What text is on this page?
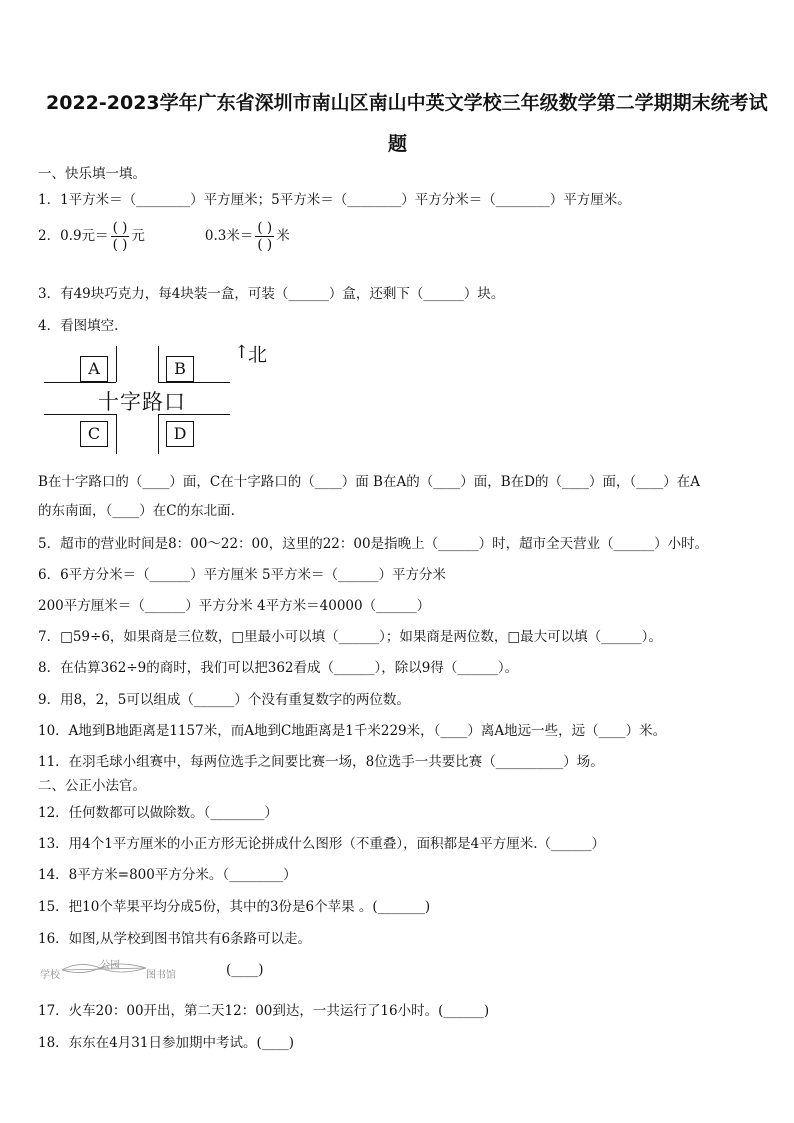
2022-2023学年广东省深圳市南山区南山中英文学校三年级数学第二学期期末统考试
题
一、快乐填一填。
1．1平方米＝（________）平方厘米；5平方米＝（________）平方分米＝（________）平方厘米。
2．0.9元＝ $\frac{( )}{( )}$ 元	0.3米＝ $\frac{( )}{( )}$ 米
3．有49块巧克力，每4块装一盒，可装（______）盒，还剩下（______）块。
4．看图填空.
A	B
C	D
十字路口
↑
北
B在十字路口的（____）面，C在十字路口的（____）面 B在A的（____）面，B在D的（____）面，（____）在A
的东南面，（____）在C的东北面.
5．超市的营业时间是8：00～22：00，这里的22：00是指晚上（______）时，超市全天营业（______）小时。
6．6平方分米＝（______）平方厘米 5平方米＝（______）平方分米
200平方厘米＝（______）平方分米 4平方米＝40000（______）
7．□59÷6，如果商是三位数，□里最小可以填（______）；如果商是两位数，□最大可以填（______）。
8．在估算362÷9的商时，我们可以把362看成（______），除以9得（______）。
9．用8，2，5可以组成（______）个没有重复数字的两位数。
10．A地到B地距离是1157米，而A地到C地距离是1千米229米，（____）离A地远一些，远（____）米。
11．在羽毛球小组赛中，每两位选手之间要比赛一场，8位选手一共要比赛（__________）场。
二、公正小法官。
12．任何数都可以做除数。（________）
13．用4个1平方厘米的小正方形无论拼成什么图形（不重叠），面积都是4平方厘米.（______）
14．8平方米=800平方分米。（________）
15．把10个苹果平均分成5份，其中的3份是6个苹果 。(_______)
16．如图,从学校到图书馆共有6条路可以走。
学校
公园
图书馆	(____)
17．火车20：00开出，第二天12：00到达，一共运行了16小时。(______)
18．东东在4月31日参加期中考试。(____)
